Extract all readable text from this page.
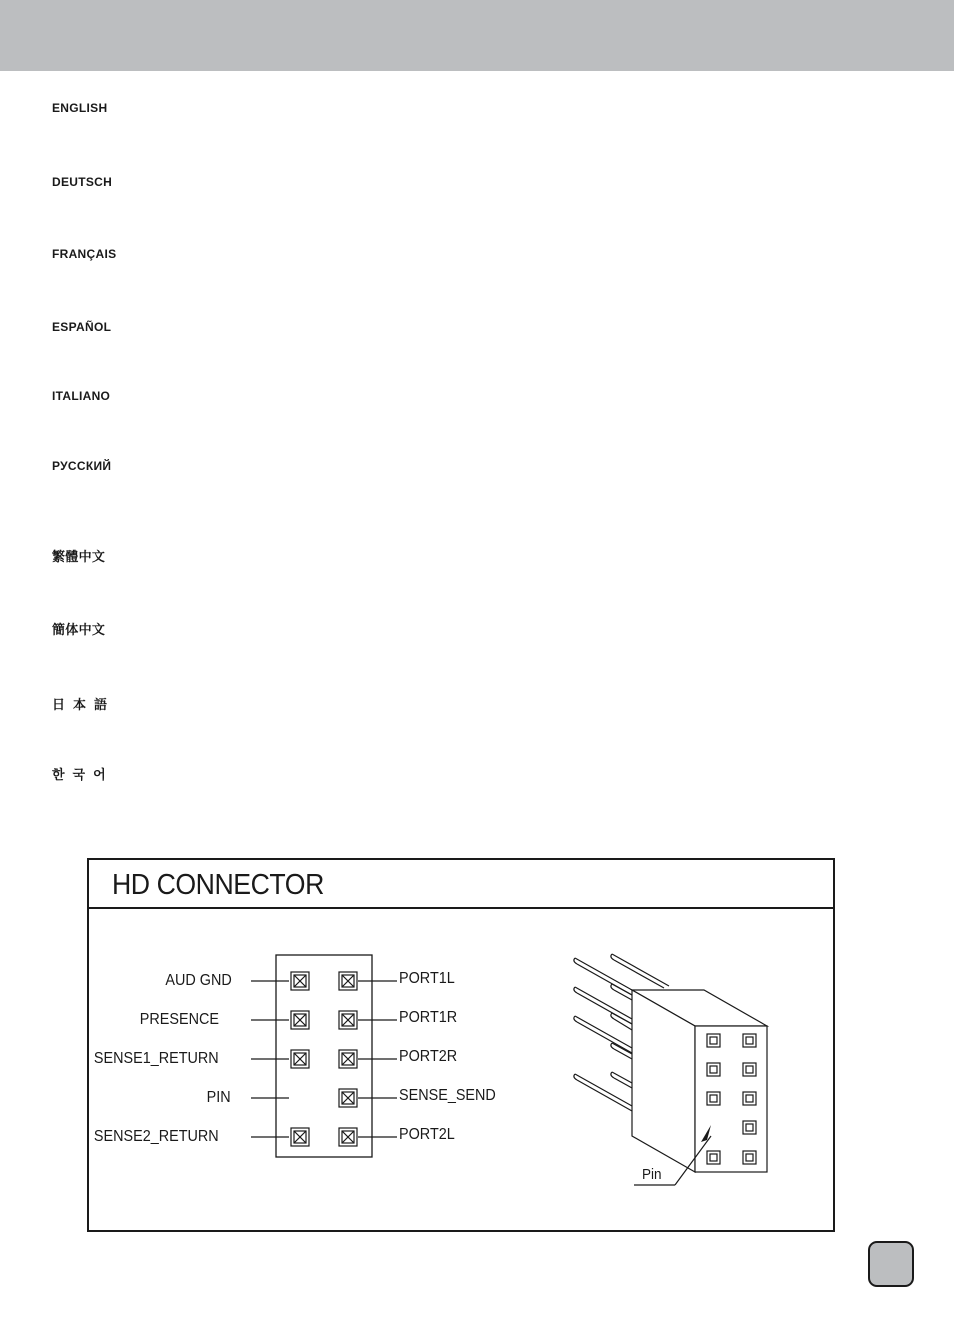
ENGLISH
DEUTSCH
FRANÇAIS
ESPAÑOL
ITALIANO
РУССКИЙ
繁體中文
簡体中文
日本語
한국어
HD CONNECTOR
AUD GND
PRESENCE
SENSE1_RETURN
PIN
SENSE2_RETURN
PORT1L
PORT1R
PORT2R
SENSE_SEND
PORT2L
Pin
